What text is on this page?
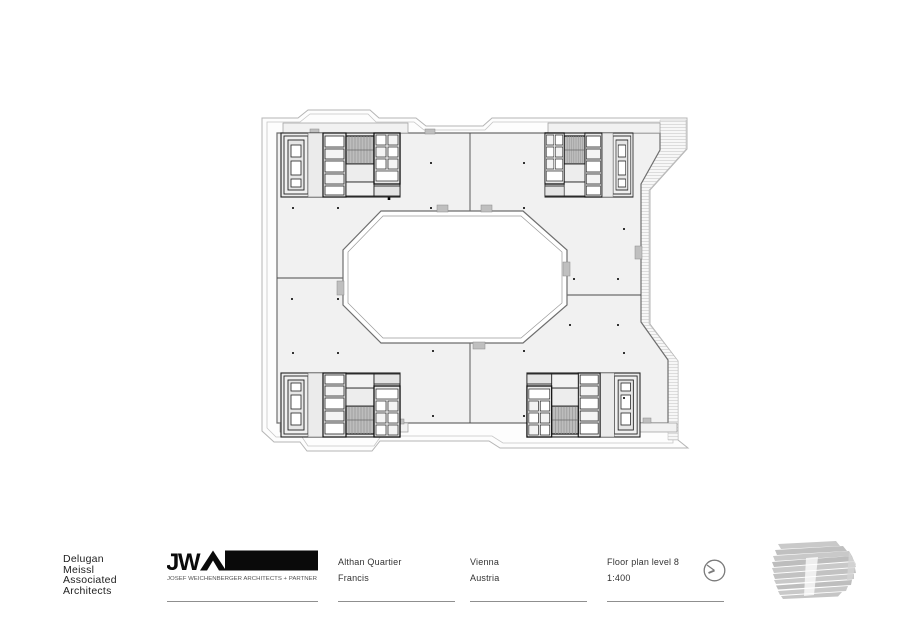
Delugan
Meissl
Associated
Architects
JW
JOSEF WEICHENBERGER ARCHITECTS + PARTNER
Althan Quartier
Francis
Vienna
Austria
Floor plan level 8
1:400
